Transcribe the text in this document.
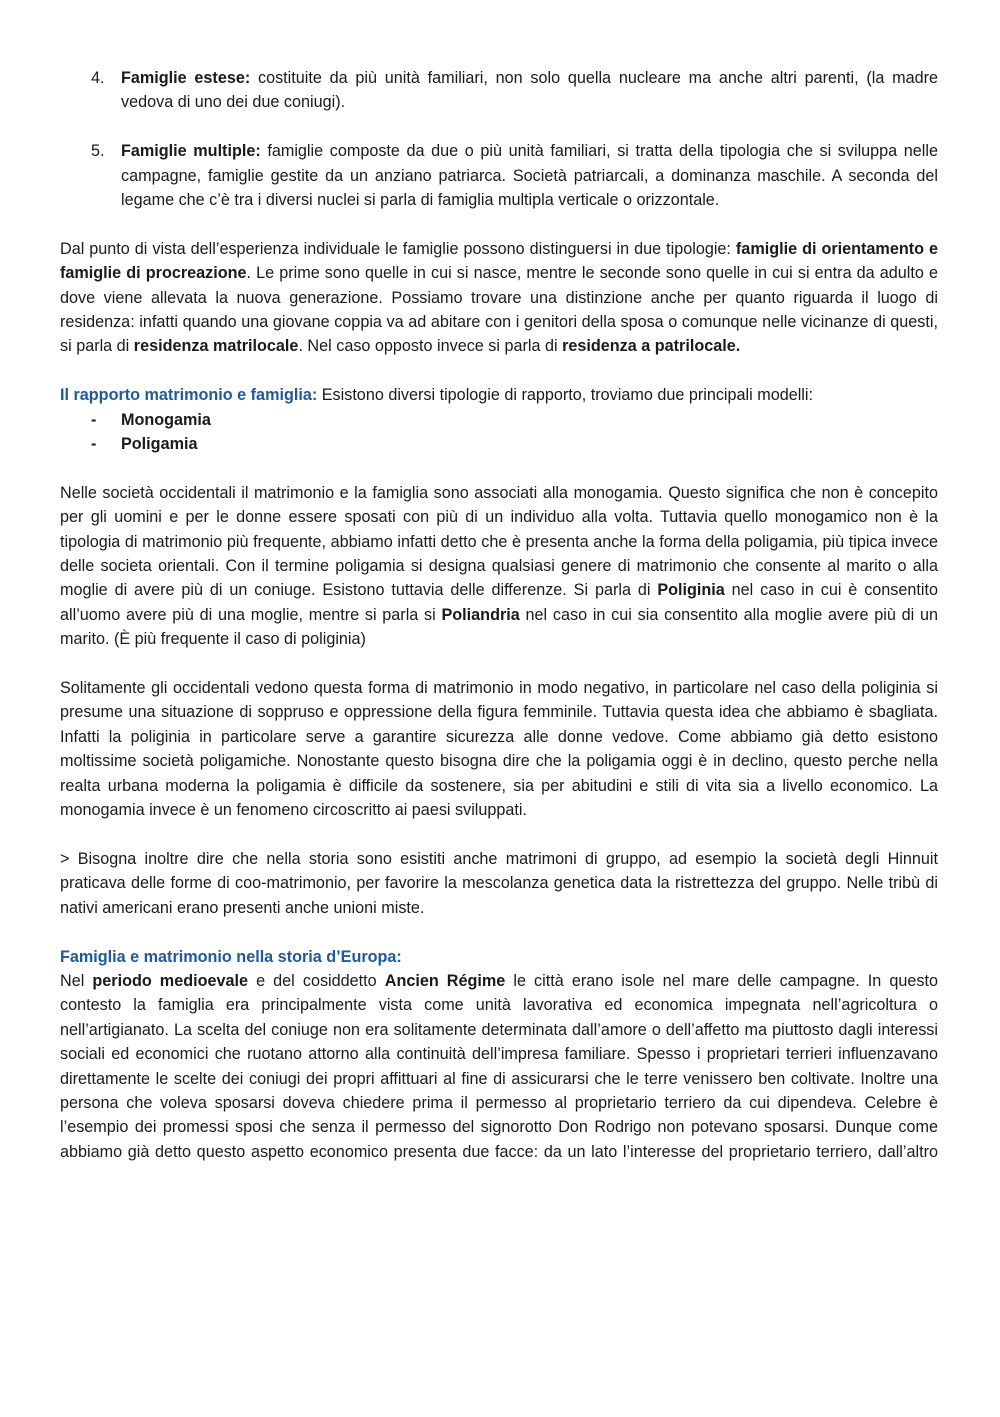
4. Famiglie estese: costituite da più unità familiari, non solo quella nucleare ma anche altri parenti, (la madre vedova di uno dei due coniugi).
5. Famiglie multiple: famiglie composte da due o più unità familiari, si tratta della tipologia che si sviluppa nelle campagne, famiglie gestite da un anziano patriarca. Società patriarcali, a dominanza maschile. A seconda del legame che c’è tra i diversi nuclei si parla di famiglia multipla verticale o orizzontale.

Dal punto di vista dell’esperienza individuale le famiglie possono distinguersi in due tipologie: famiglie di orientamento e famiglie di procreazione. Le prime sono quelle in cui si nasce, mentre le seconde sono quelle in cui si entra da adulto e dove viene allevata la nuova generazione. Possiamo trovare una distinzione anche per quanto riguarda il luogo di residenza: infatti quando una giovane coppia va ad abitare con i genitori della sposa o comunque nelle vicinanze di questi, si parla di residenza matrilocale. Nel caso opposto invece si parla di residenza a patrilocale.

Il rapporto matrimonio e famiglia: Esistono diversi tipologie di rapporto, troviamo due principali modelli:

- Monogamia
- Poligamia

Nelle società occidentali il matrimonio e la famiglia sono associati alla monogamia. Questo significa che non è concepito per gli uomini e per le donne essere sposati con più di un individuo alla volta. Tuttavia quello monogamico non è la tipologia di matrimonio più frequente, abbiamo infatti detto che è presenta anche la forma della poligamia, più tipica invece delle societa orientali. Con il termine poligamia si designa qualsiasi genere di matrimonio che consente al marito o alla moglie di avere più di un coniuge. Esistono tuttavia delle differenze. Si parla di Poliginia nel caso in cui è consentito all’uomo avere più di una moglie, mentre si parla si Poliandria nel caso in cui sia consentito alla moglie avere più di un marito. (È più frequente il caso di poliginia)

Solitamente gli occidentali vedono questa forma di matrimonio in modo negativo, in particolare nel caso della poliginia si presume una situazione di soppruso e oppressione della figura femminile. Tuttavia questa idea che abbiamo è sbagliata. Infatti la poliginia in particolare serve a garantire sicurezza alle donne vedove. Come abbiamo già detto esistono moltissime società poligamiche. Nonostante questo bisogna dire che la poligamia oggi è in declino, questo perche nella realta urbana moderna la poligamia è difficile da sostenere, sia per abitudini e stili di vita sia a livello economico. La monogamia invece è un fenomeno circoscritto ai paesi sviluppati.

> Bisogna inoltre dire che nella storia sono esistiti anche matrimoni di gruppo, ad esempio la società degli Hinnuit praticava delle forme di coo-matrimonio, per favorire la mescolanza genetica data la ristrettezza del gruppo. Nelle tribù di nativi americani erano presenti anche unioni miste.

Famiglia e matrimonio nella storia d’Europa:

Nel periodo medioevale e del cosiddetto Ancien Régime le città erano isole nel mare delle campagne. In questo contesto la famiglia era principalmente vista come unità lavorativa ed economica impegnata nell’agricoltura o nell’artigianato. La scelta del coniuge non era solitamente determinata dall’amore o dell’affetto ma piuttosto dagli interessi sociali ed economici che ruotano attorno alla continuità dell’impresa familiare. Spesso i proprietari terrieri influenzavano direttamente le scelte dei coniugi dei propri affittuari al fine di assicurarsi che le terre venissero ben coltivate. Inoltre una persona che voleva sposarsi doveva chiedere prima il permesso al proprietario terriero da cui dipendeva. Celebre è l’esempio dei promessi sposi che senza il permesso del signorotto Don Rodrigo non potevano sposarsi. Dunque come abbiamo già detto questo aspetto economico presenta due facce: da un lato l’interesse del proprietario terriero, dall’altro
